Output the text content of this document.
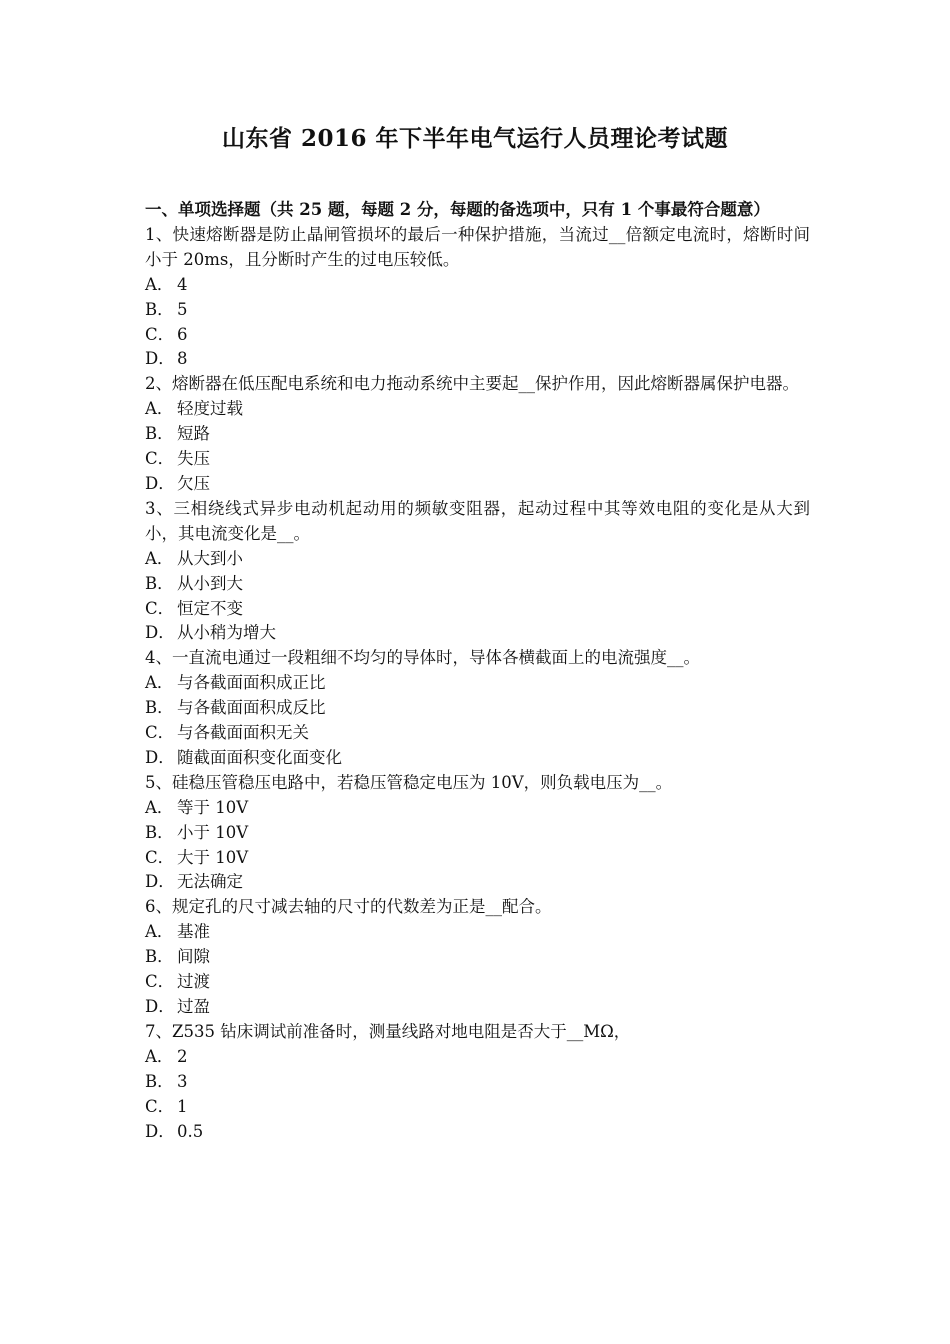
山东省 2016 年下半年电气运行人员理论考试题
一、单项选择题（共 25 题，每题 2 分，每题的备选项中，只有 1 个事最符合题意）
1、快速熔断器是防止晶闸管损坏的最后一种保护措施，当流过__倍额定电流时，熔断时间小于 20ms，且分断时产生的过电压较低。
A． 4
B． 5
C． 6
D． 8
2、熔断器在低压配电系统和电力拖动系统中主要起__保护作用，因此熔断器属保护电器。
A． 轻度过载
B． 短路
C． 失压
D． 欠压
3、三相绕线式异步电动机起动用的频敏变阻器，起动过程中其等效电阻的变化是从大到小，其电流变化是__。
A． 从大到小
B． 从小到大
C． 恒定不变
D． 从小稍为增大
4、一直流电通过一段粗细不均匀的导体时，导体各横截面上的电流强度__。
A． 与各截面面积成正比
B． 与各截面面积成反比
C． 与各截面面积无关
D． 随截面面积变化面变化
5、硅稳压管稳压电路中，若稳压管稳定电压为 10V，则负载电压为__。
A． 等于 10V
B． 小于 10V
C． 大于 10V
D． 无法确定
6、规定孔的尺寸减去轴的尺寸的代数差为正是__配合。
A． 基准
B． 间隙
C． 过渡
D． 过盈
7、Z535 钻床调试前准备时，测量线路对地电阻是否大于__MΩ，
A． 2
B． 3
C． 1
D． 0.5
